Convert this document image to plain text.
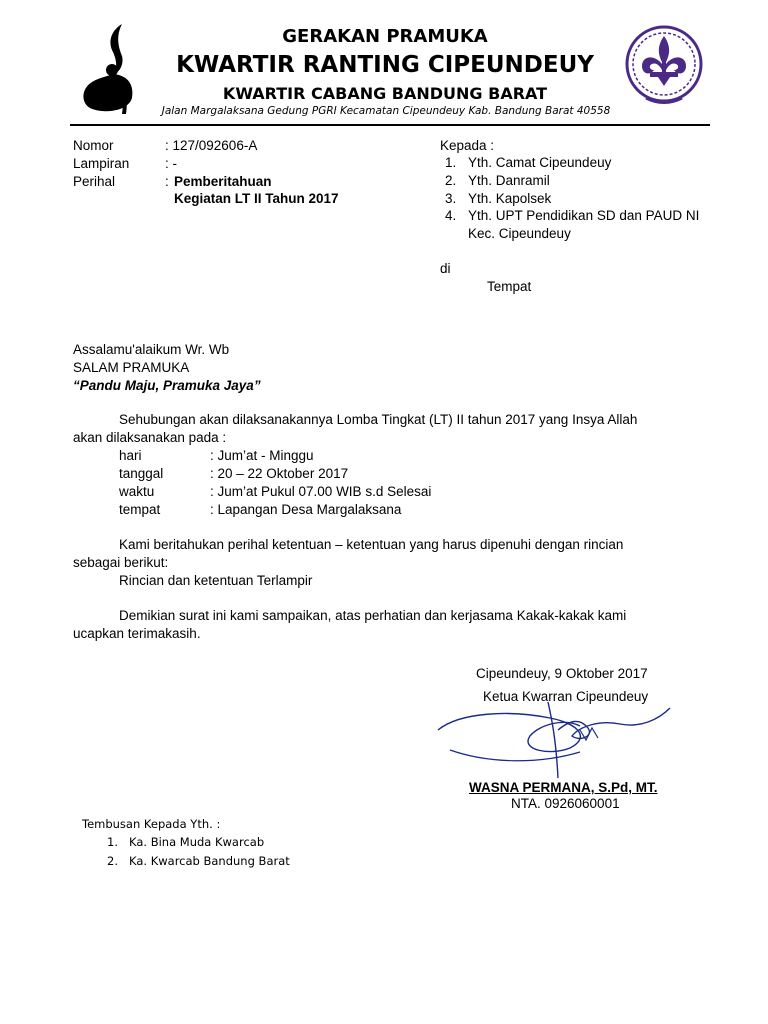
GERAKAN PRAMUKA
KWARTIR RANTING CIPEUNDEUY
KWARTIR CABANG BANDUNG BARAT
Jalan Margalaksana Gedung PGRI Kecamatan Cipeundeuy Kab. Bandung Barat 40558
Nomor	: 127/092606-A
Lampiran	: -
Perihal	: Pemberitahuan
Kegiatan LT II Tahun 2017
Kepada :
1. Yth. Camat Cipeundeuy
2. Yth. Danramil
3. Yth. Kapolsek
4. Yth. UPT Pendidikan SD dan PAUD NI
Kec. Cipeundeuy
di
Tempat
Assalamu'alaikum Wr. Wb
SALAM PRAMUKA
“Pandu Maju, Pramuka Jaya”
Sehubungan akan dilaksanakannya Lomba Tingkat (LT) II tahun 2017 yang Insya Allah
akan dilaksanakan pada :
hari	: Jum’at - Minggu
tanggal	: 20 – 22 Oktober 2017
waktu	: Jum’at Pukul 07.00 WIB s.d Selesai
tempat	: Lapangan Desa Margalaksana
Kami beritahukan perihal ketentuan – ketentuan yang harus dipenuhi dengan rincian
sebagai berikut:
Rincian dan ketentuan Terlampir
Demikian surat ini kami sampaikan, atas perhatian dan kerjasama Kakak-kakak kami
ucapkan terimakasih.
Cipeundeuy, 9 Oktober 2017
Ketua Kwarran Cipeundeuy
WASNA PERMANA, S.Pd, MT.
NTA. 0926060001
Tembusan Kepada Yth. :
1. Ka. Bina Muda Kwarcab
2. Ka. Kwarcab Bandung Barat
